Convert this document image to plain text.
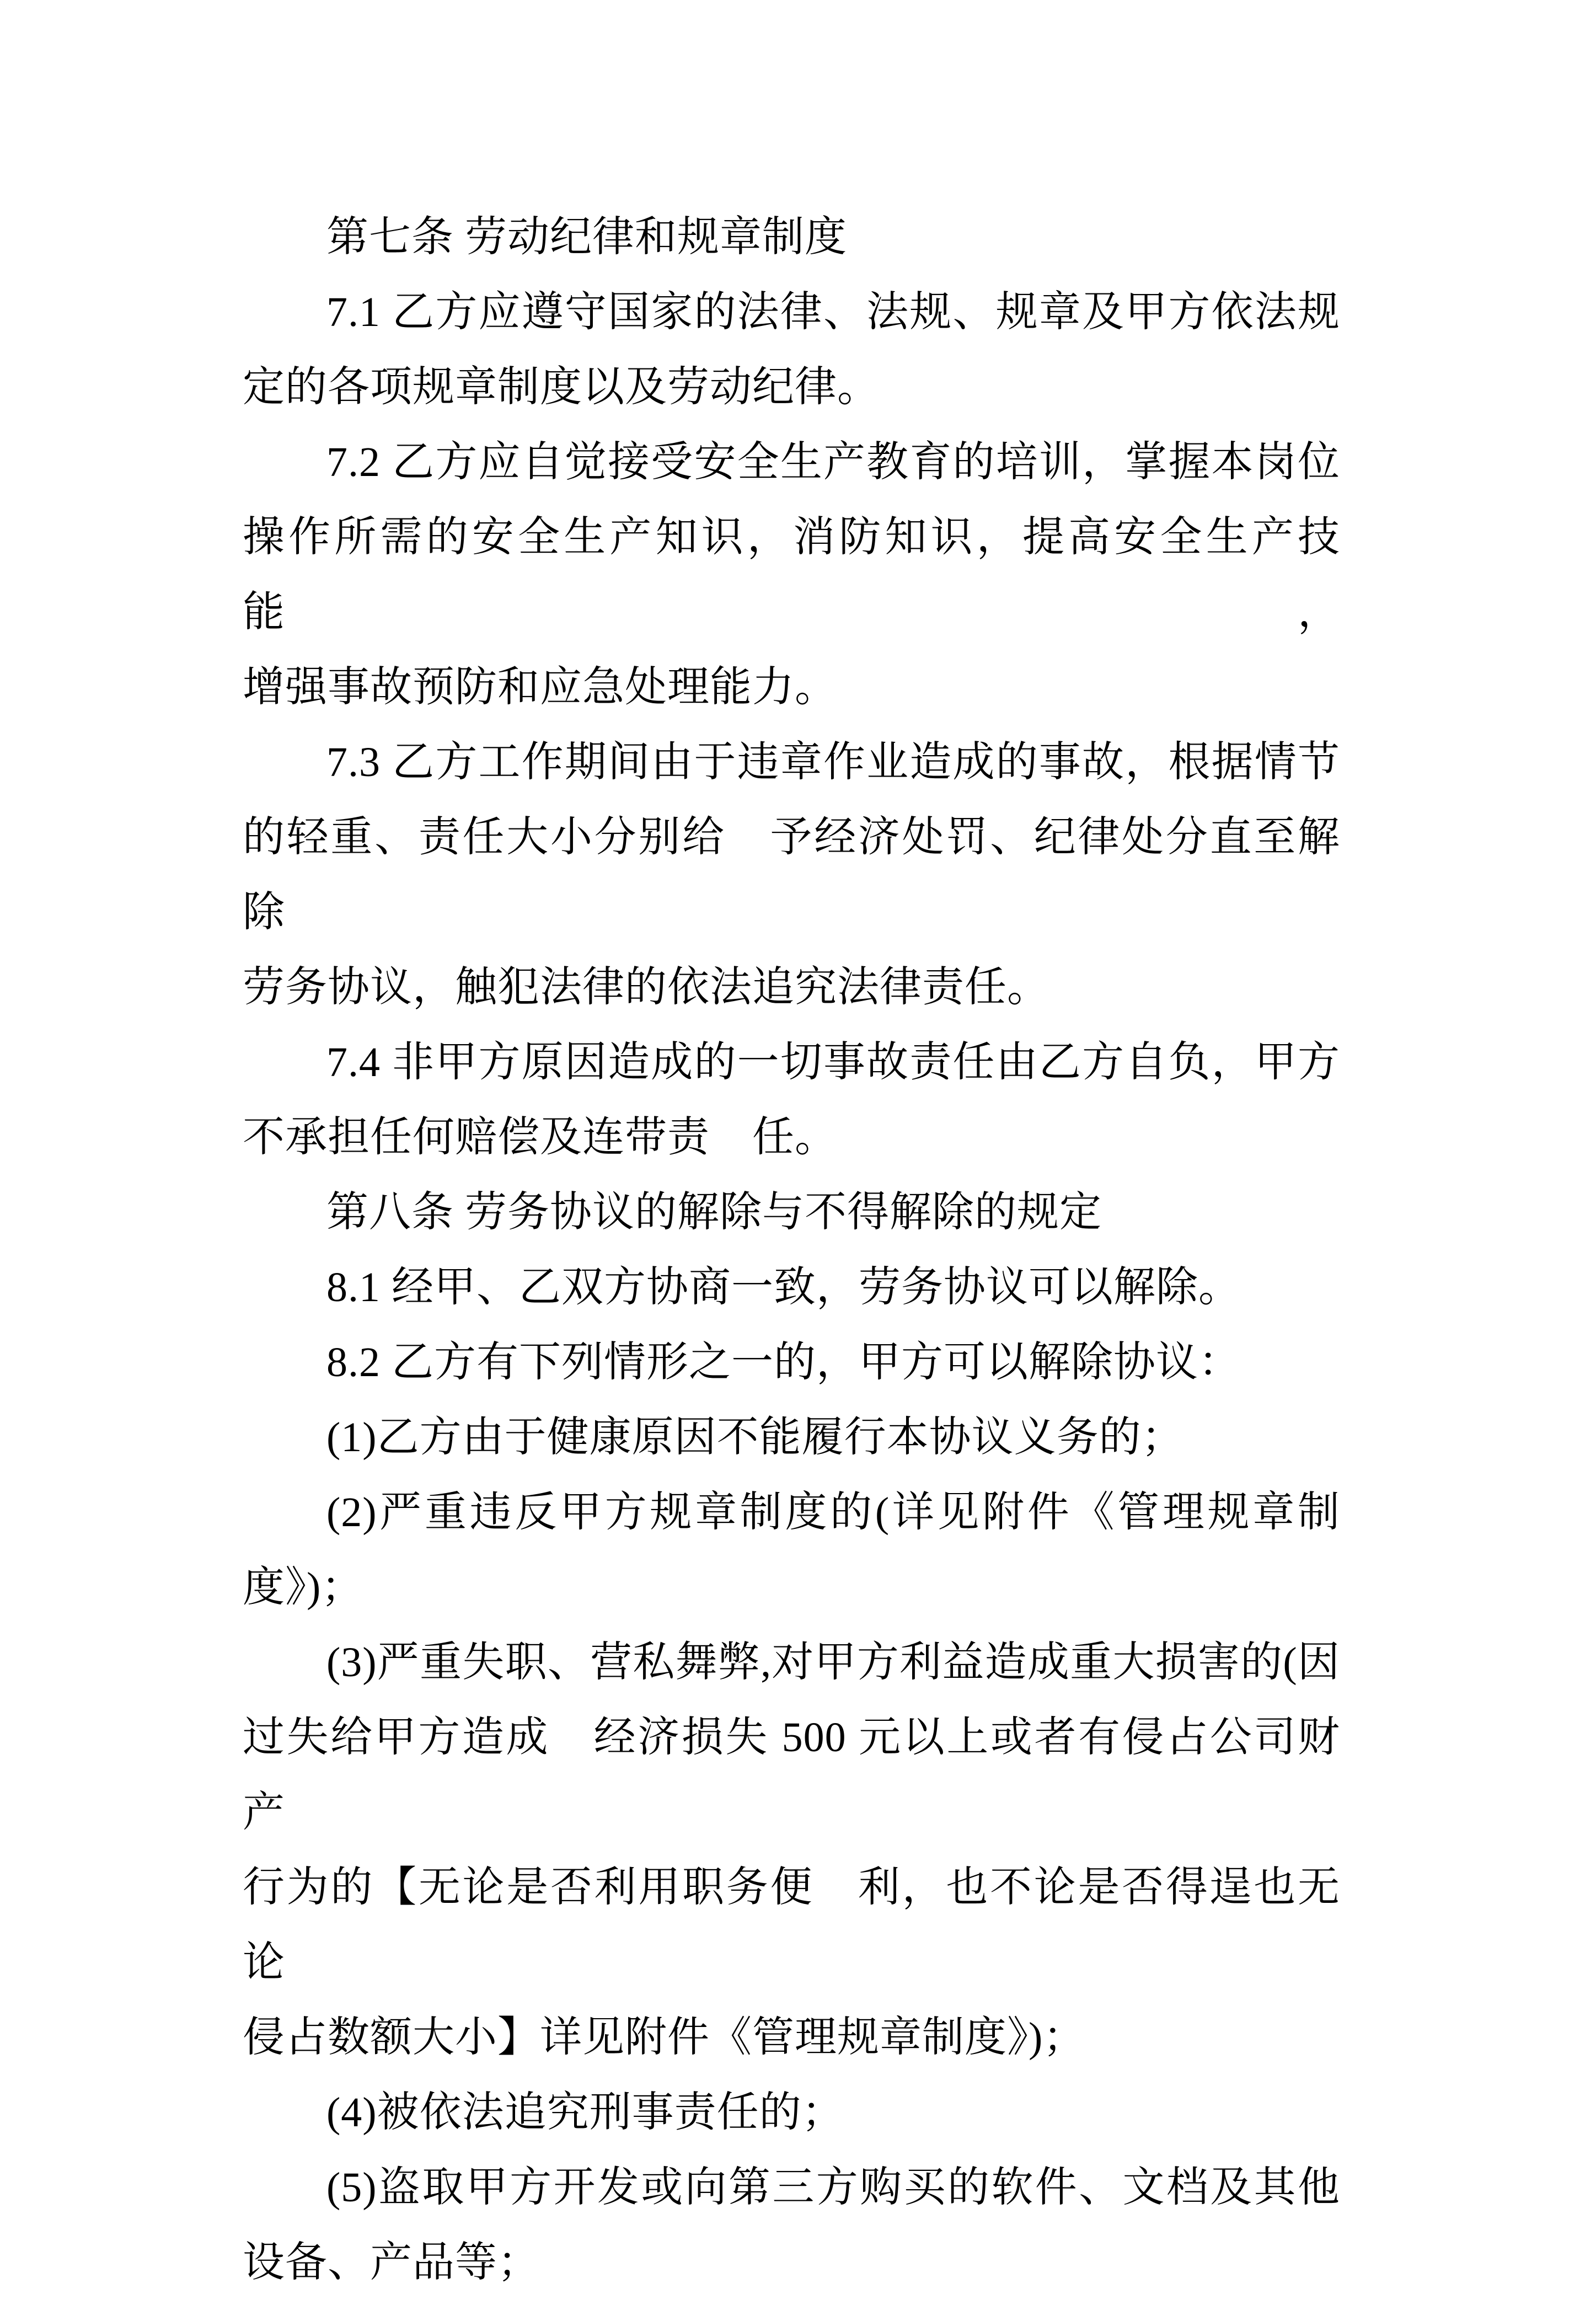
第七条 劳动纪律和规章制度
7.1 乙方应遵守国家的法律、法规、规章及甲方依法规
定的各项规章制度以及劳动纪律。
7.2 乙方应自觉接受安全生产教育的培训，掌握本岗位
操作所需的安全生产知识，消防知识，提高安全生产技能，
增强事故预防和应急处理能力。
7.3 乙方工作期间由于违章作业造成的事故，根据情节
的轻重、责任大小分别给　予经济处罚、纪律处分直至解除
劳务协议，触犯法律的依法追究法律责任。
7.4 非甲方原因造成的一切事故责任由乙方自负，甲方
不承担任何赔偿及连带责　任。
第八条 劳务协议的解除与不得解除的规定
8.1 经甲、乙双方协商一致，劳务协议可以解除。
8.2 乙方有下列情形之一的，甲方可以解除协议：
(1)乙方由于健康原因不能履行本协议义务的；
(2)严重违反甲方规章制度的(详见附件《管理规章制
度》)；
(3)严重失职、营私舞弊,对甲方利益造成重大损害的(因
过失给甲方造成　经济损失 500 元以上或者有侵占公司财产
行为的【无论是否利用职务便　利，也不论是否得逞也无论
侵占数额大小】详见附件《管理规章制度》)；
(4)被依法追究刑事责任的；
(5)盗取甲方开发或向第三方购买的软件、文档及其他
设备、产品等；
